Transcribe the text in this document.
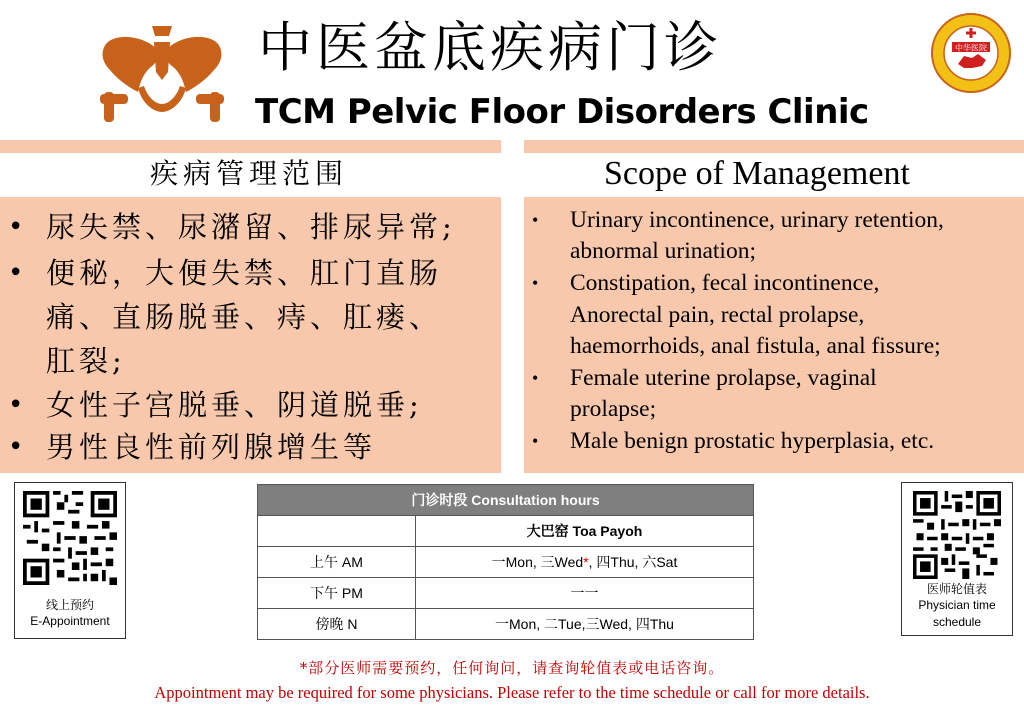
中医盆底疾病门诊
TCM Pelvic Floor Disorders Clinic
中华医院
疾病管理范围	Scope of Management
• 尿失禁、尿潴留、排尿异常;
• 便秘，大便失禁、肛门直肠
痛、直肠脱垂、痔、肛瘘、
肛裂;
• 女性子宫脱垂、阴道脱垂;
• 男性良性前列腺增生等
•	Urinary incontinence, urinary retention,
abnormal urination;
•	Constipation, fecal incontinence,
Anorectal pain, rectal prolapse,
haemorrhoids, anal fistula, anal fissure;
•	Female uterine prolapse, vaginal
prolapse;
•	Male benign prostatic hyperplasia, etc.
线上预约
E-Appointment
医师轮值表
Physician time
schedule
门诊时段 Consultation hours	
	大巴窑 Toa Payoh
上午 AM	一Mon, 三Wed*, 四Thu, 六Sat
下午 PM	一一
傍晚 N	一Mon, 二Tue,三Wed, 四Thu
*部分医师需要预约，任何询问，请查询轮值表或电话咨询。
Appointment may be required for some physicians. Please refer to the time schedule or call for more details.
